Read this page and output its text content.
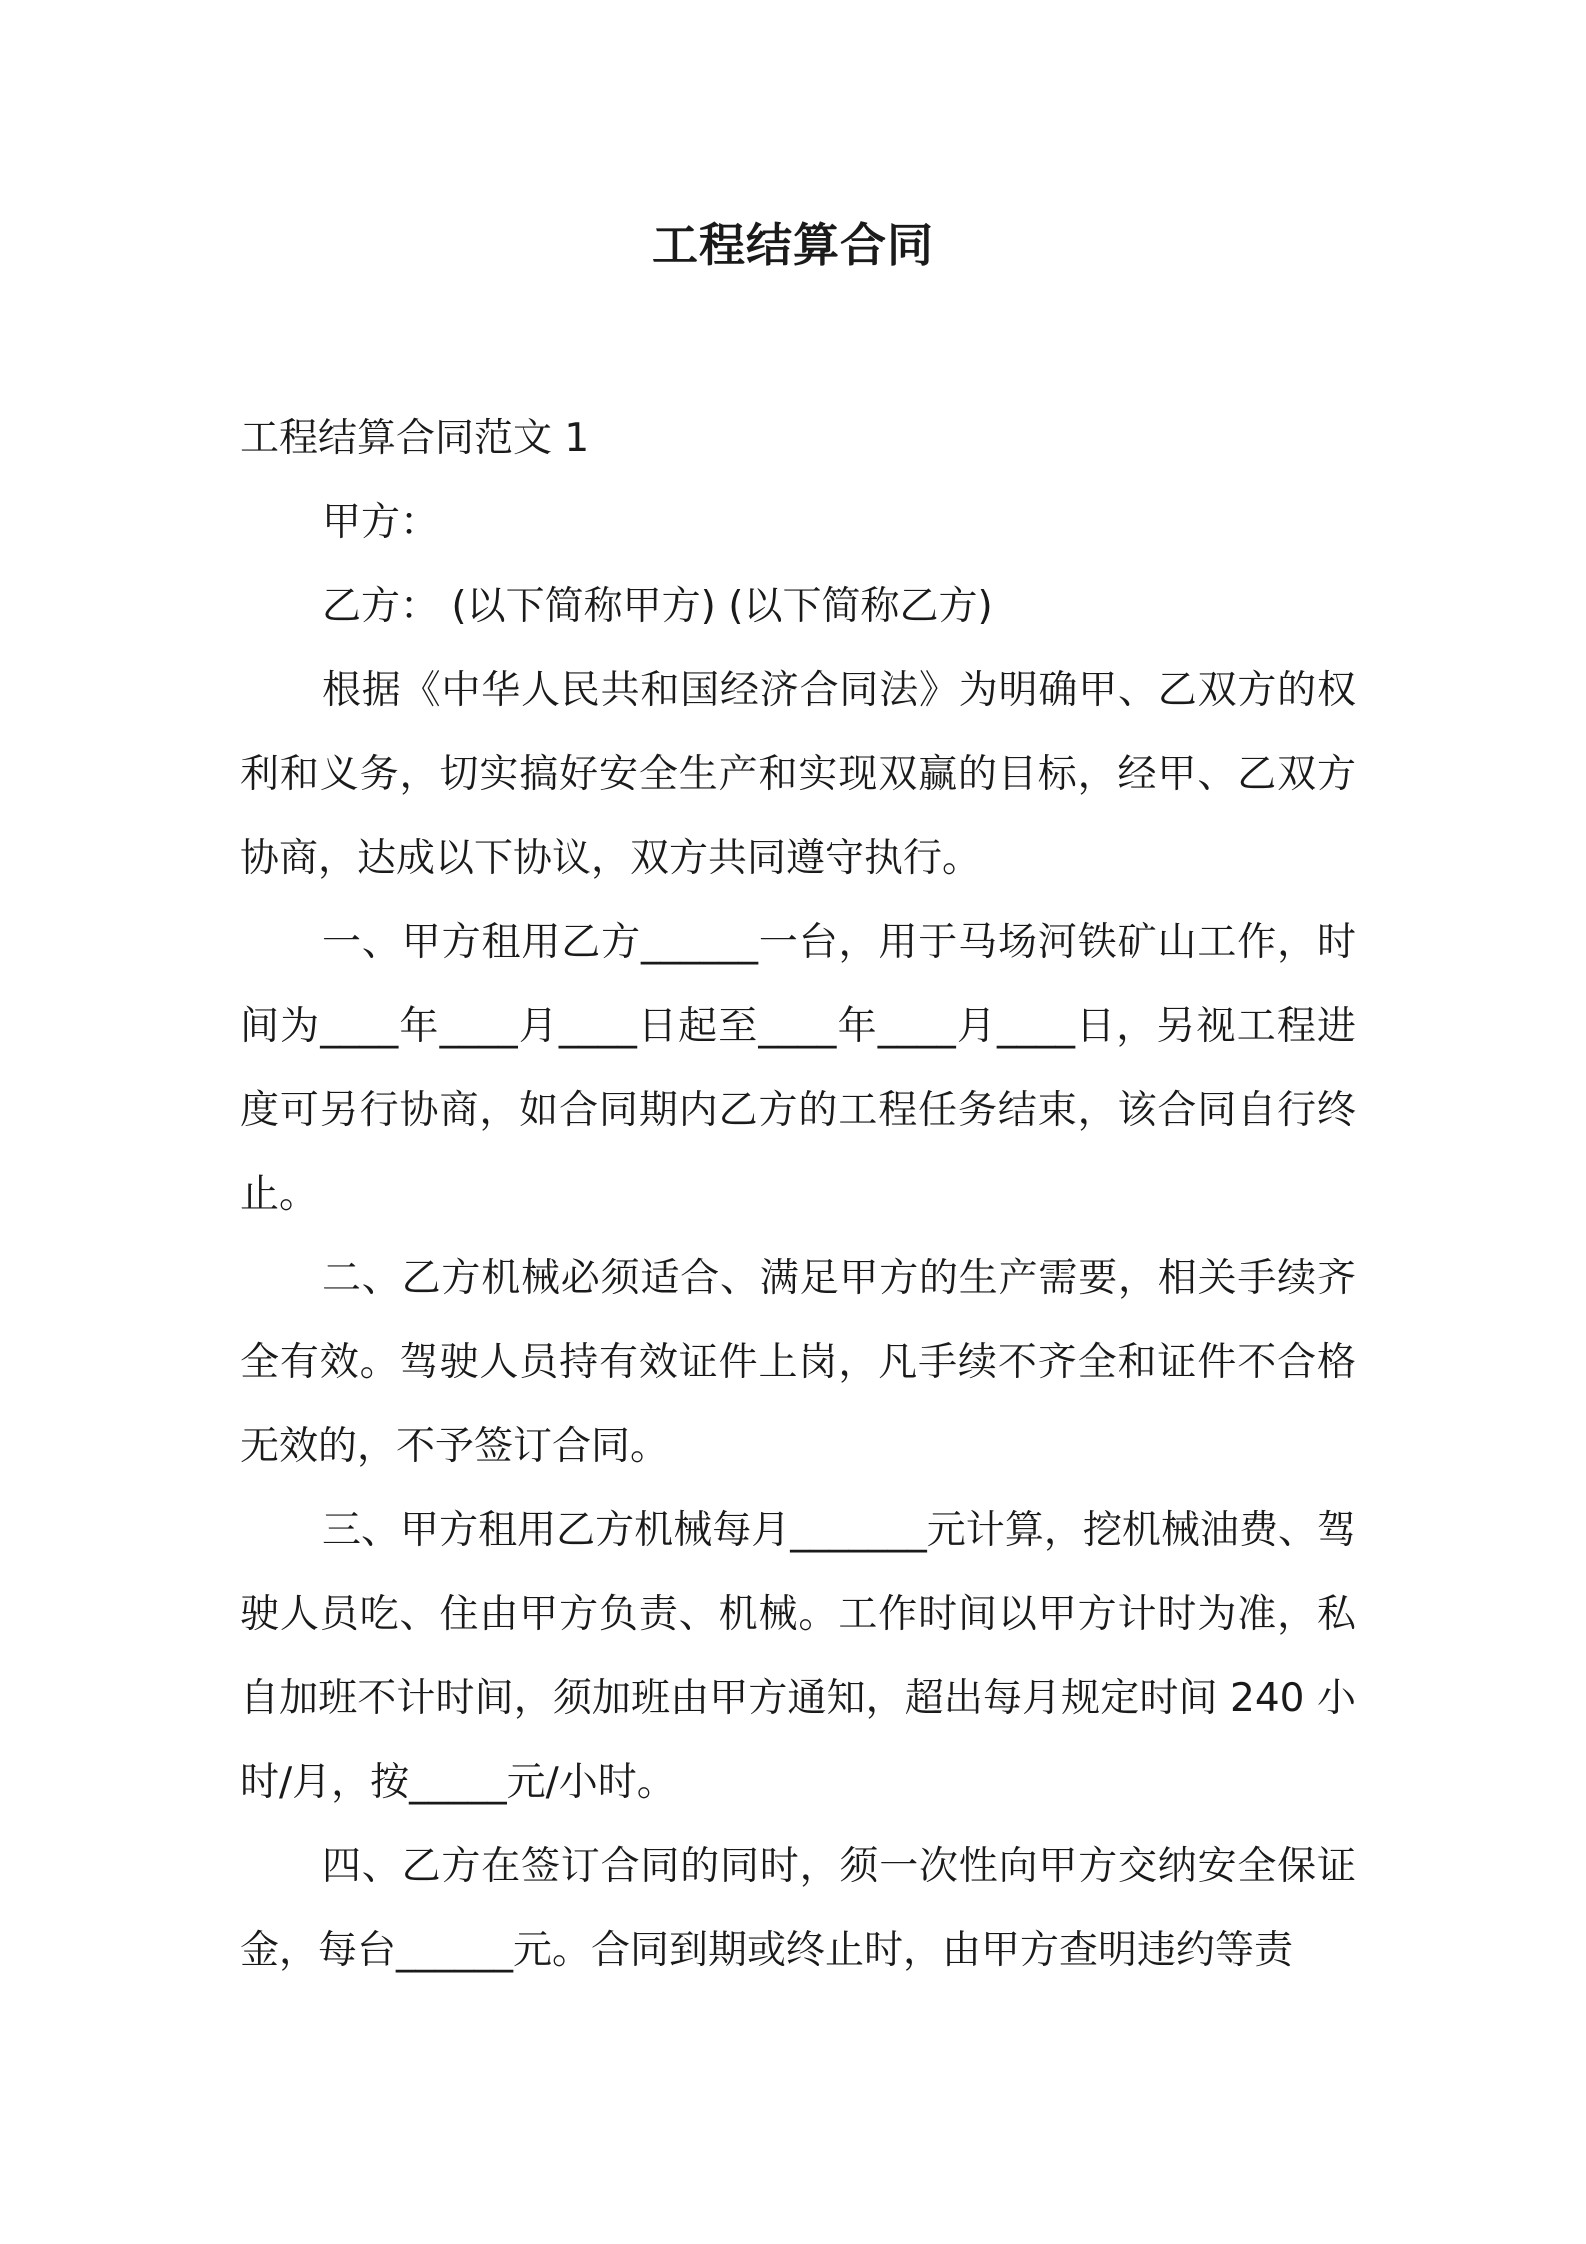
工程结算合同

工程结算合同范文 1

甲方：

乙方： (以下简称甲方) (以下简称乙方)

根据《中华人民共和国经济合同法》为明确甲、乙双方的权利和义务，切实搞好安全生产和实现双赢的目标，经甲、乙双方协商，达成以下协议，双方共同遵守执行。

一、甲方租用乙方______一台，用于马场河铁矿山工作，时间为____年____月____日起至____年____月____日，另视工程进度可另行协商，如合同期内乙方的工程任务结束，该合同自行终止。

二、乙方机械必须适合、满足甲方的生产需要，相关手续齐全有效。驾驶人员持有效证件上岗，凡手续不齐全和证件不合格无效的，不予签订合同。

三、甲方租用乙方机械每月_______元计算，挖机械油费、驾驶人员吃、住由甲方负责、机械。工作时间以甲方计时为准，私自加班不计时间，须加班由甲方通知，超出每月规定时间 240 小时/月，按_____元/小时。

四、乙方在签订合同的同时，须一次性向甲方交纳安全保证金，每台______元。合同到期或终止时，由甲方查明违约等责
